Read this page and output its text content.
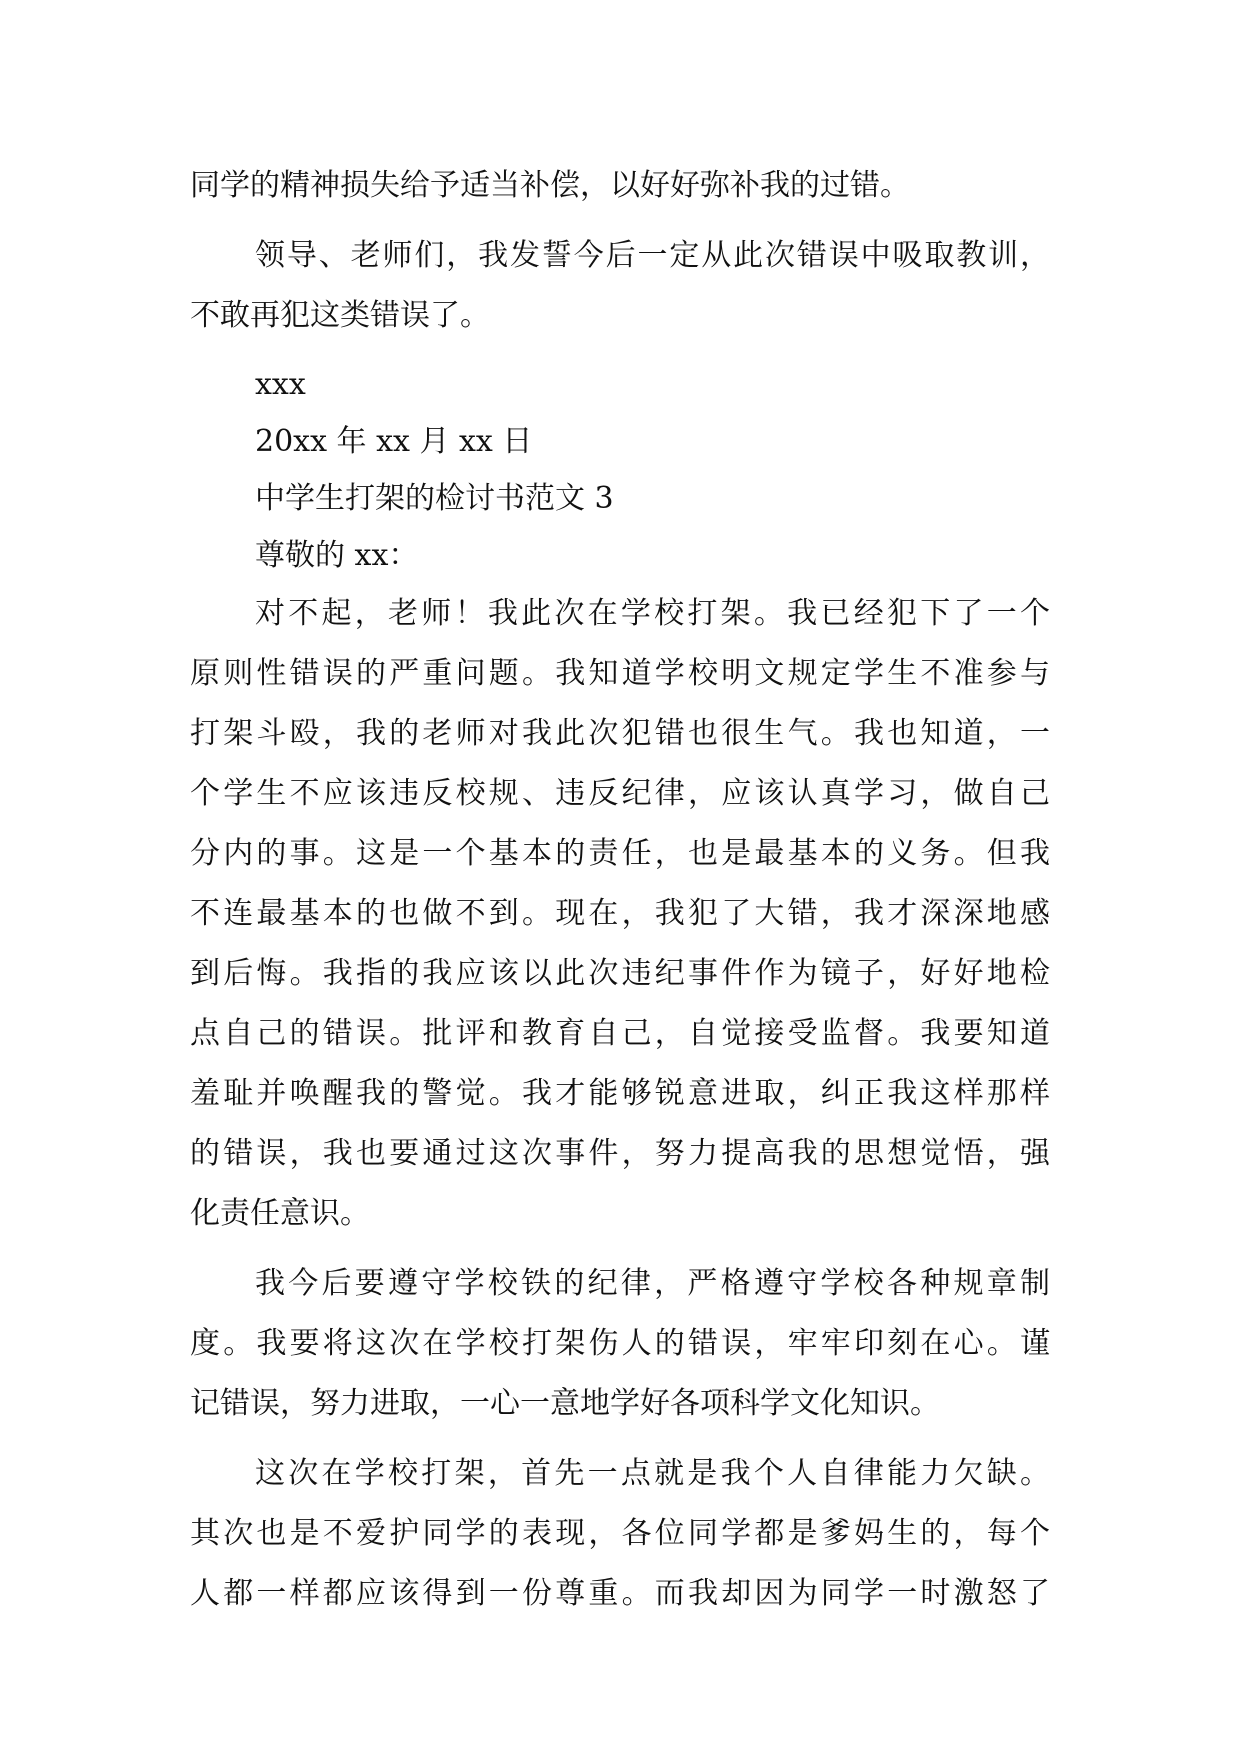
同学的精神损失给予适当补偿，以好好弥补我的过错。
领导、老师们，我发誓今后一定从此次错误中吸取教训，
不敢再犯这类错误了。
xxx
20xx 年 xx 月 xx 日
中学生打架的检讨书范文 3
尊敬的 xx：
对不起，老师！我此次在学校打架。我已经犯下了一个
原则性错误的严重问题。我知道学校明文规定学生不准参与
打架斗殴，我的老师对我此次犯错也很生气。我也知道，一
个学生不应该违反校规、违反纪律，应该认真学习，做自己
分内的事。这是一个基本的责任，也是最基本的义务。但我
不连最基本的也做不到。现在，我犯了大错，我才深深地感
到后悔。我指的我应该以此次违纪事件作为镜子，好好地检
点自己的错误。批评和教育自己，自觉接受监督。我要知道
羞耻并唤醒我的警觉。我才能够锐意进取，纠正我这样那样
的错误，我也要通过这次事件，努力提高我的思想觉悟，强
化责任意识。
我今后要遵守学校铁的纪律，严格遵守学校各种规章制
度。我要将这次在学校打架伤人的错误，牢牢印刻在心。谨
记错误，努力进取，一心一意地学好各项科学文化知识。
这次在学校打架，首先一点就是我个人自律能力欠缺。
其次也是不爱护同学的表现，各位同学都是爹妈生的，每个
人都一样都应该得到一份尊重。而我却因为同学一时激怒了
